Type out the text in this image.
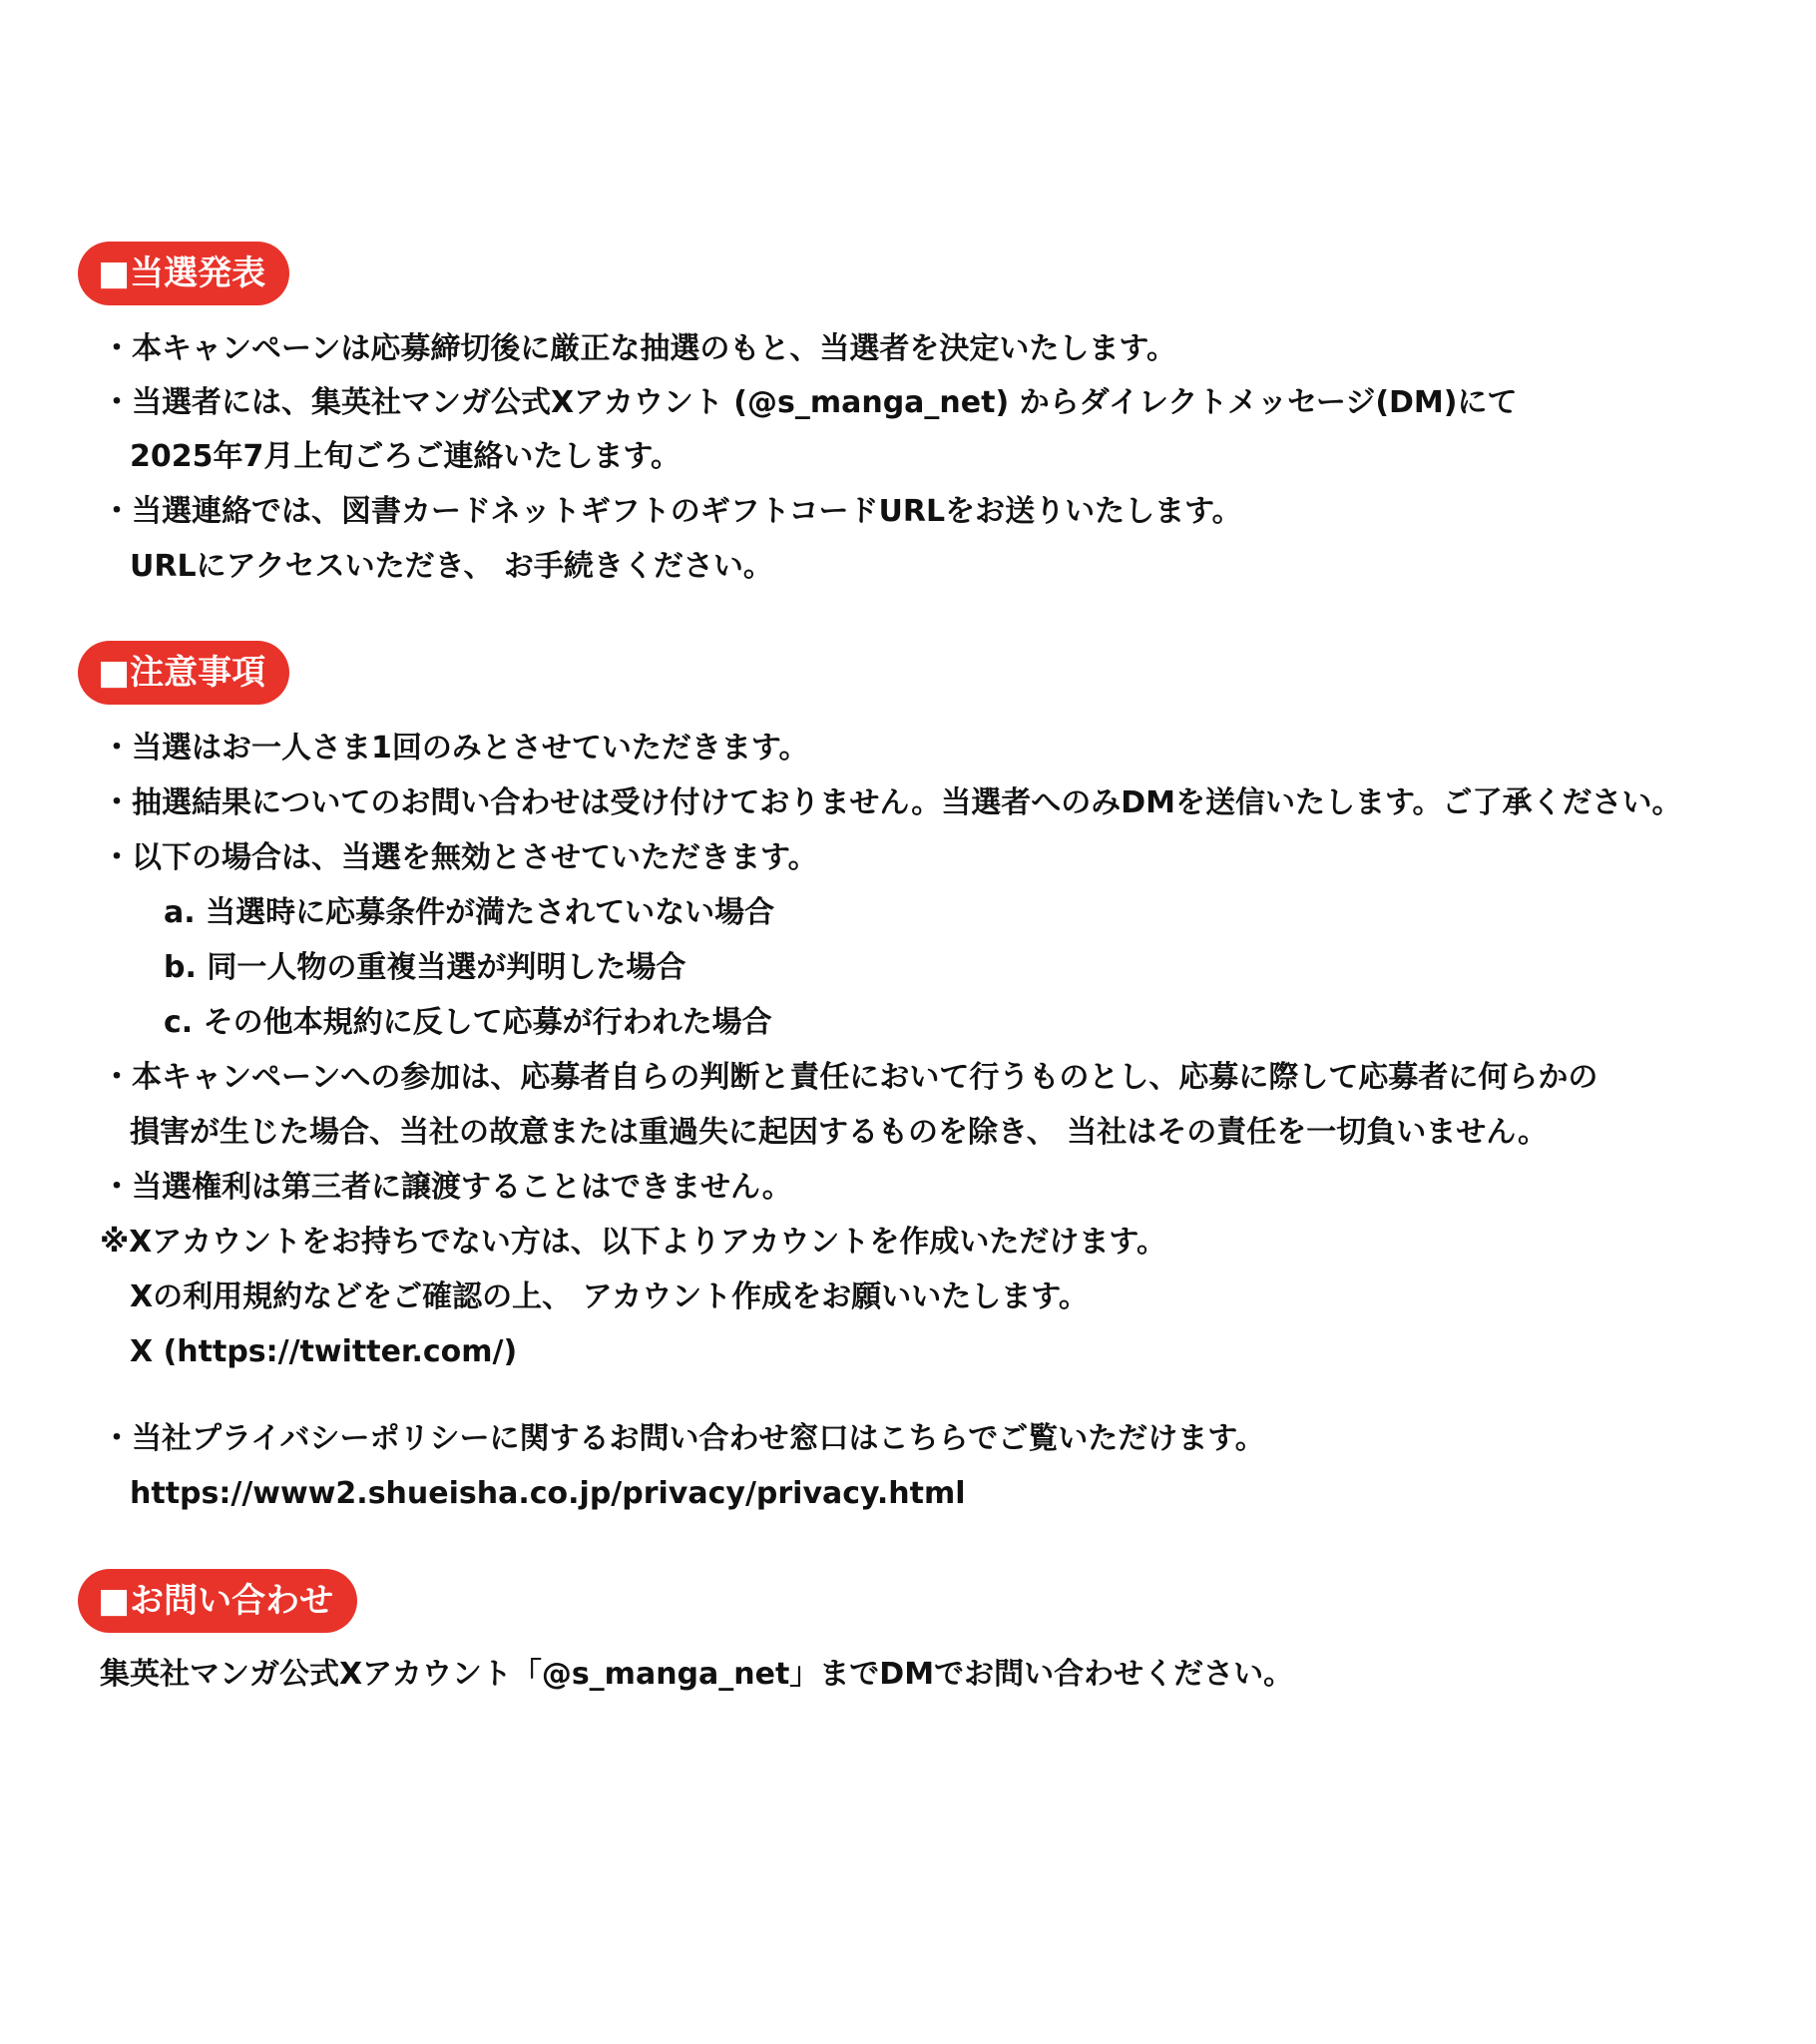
■当選発表
・本キャンペーンは応募締切後に厳正な抽選のもと、当選者を決定いたします。
・当選者には、集英社マンガ公式Xアカウント (@s_manga_net) からダイレクトメッセージ(DM)にて
2025年7月上旬ごろご連絡いたします。
・当選連絡では、図書カードネットギフトのギフトコードURLをお送りいたします。
URLにアクセスいただき、 お手続きください。
■注意事項
・当選はお一人さま1回のみとさせていただきます。
・抽選結果についてのお問い合わせは受け付けておりません。当選者へのみDMを送信いたします。ご了承ください。
・以下の場合は、当選を無効とさせていただきます。
a. 当選時に応募条件が満たされていない場合
b. 同一人物の重複当選が判明した場合
c. その他本規約に反して応募が行われた場合
・本キャンペーンへの参加は、応募者自らの判断と責任において行うものとし、応募に際して応募者に何らかの
損害が生じた場合、当社の故意または重過失に起因するものを除き、 当社はその責任を一切負いません。
・当選権利は第三者に譲渡することはできません。
※Xアカウントをお持ちでない方は、以下よりアカウントを作成いただけます。
Xの利用規約などをご確認の上、 アカウント作成をお願いいたします。
X (https://twitter.com/)
・当社プライバシーポリシーに関するお問い合わせ窓口はこちらでご覧いただけます。
https://www2.shueisha.co.jp/privacy/privacy.html
■お問い合わせ
集英社マンガ公式Xアカウント「@s_manga_net」までDMでお問い合わせください。
